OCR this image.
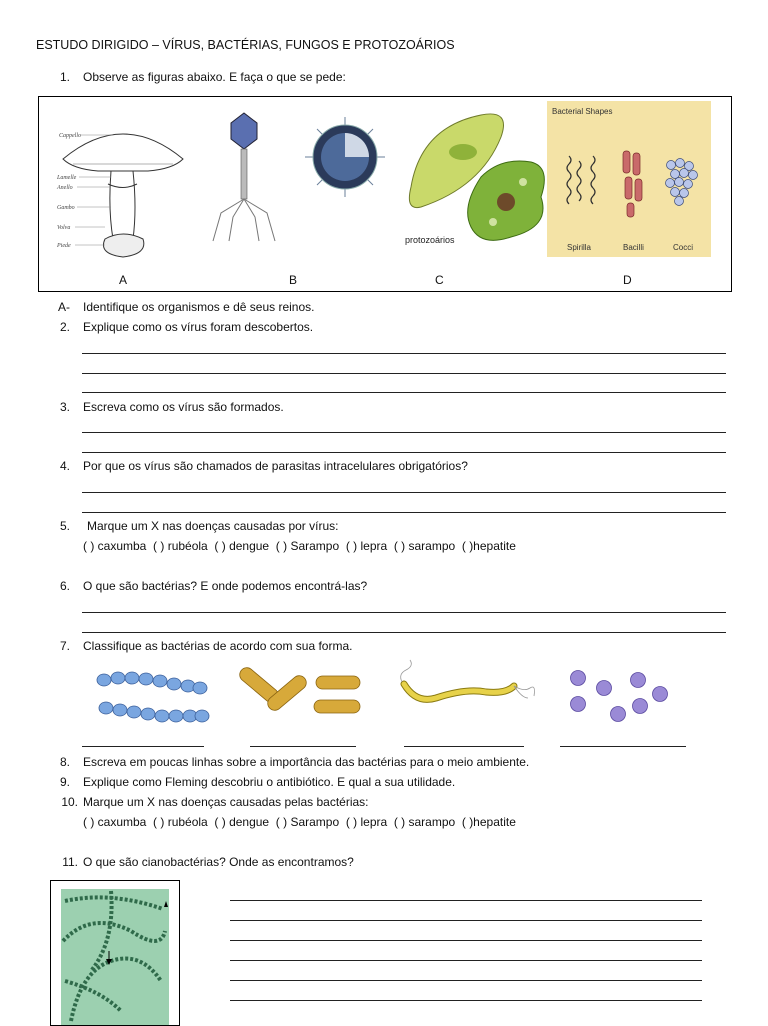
ESTUDO DIRIGIDO – VÍRUS, BACTÉRIAS, FUNGOS E PROTOZOÁRIOS
1. Observe as figuras abaixo. E faça o que se pede:
Cappello
Lamelle
Anello
Gambo
Volva
Piede
protozoários
Bacterial Shapes
Spirilla	Bacilli	Cocci
A	B	C	D
A- Identifique os organismos e dê seus reinos.
2. Explique como os vírus foram descobertos.
3. Escreva como os vírus são formados.
4. Por que os vírus são chamados de parasitas intracelulares obrigatórios?
5. Marque um X nas doenças causadas por vírus:
( ) caxumba ( ) rubéola ( ) dengue ( ) Sarampo ( ) lepra ( ) sarampo ( )hepatite
6. O que são bactérias? E onde podemos encontrá-las?
7. Classifique as bactérias de acordo com sua forma.
8. Escreva em poucas linhas sobre a importância das bactérias para o meio ambiente.
9. Explique como Fleming descobriu o antibiótico. E qual a sua utilidade.
10. Marque um X nas doenças causadas pelas bactérias:
( ) caxumba ( ) rubéola ( ) dengue ( ) Sarampo ( ) lepra ( ) sarampo ( )hepatite
11. O que são cianobactérias? Onde as encontramos?
